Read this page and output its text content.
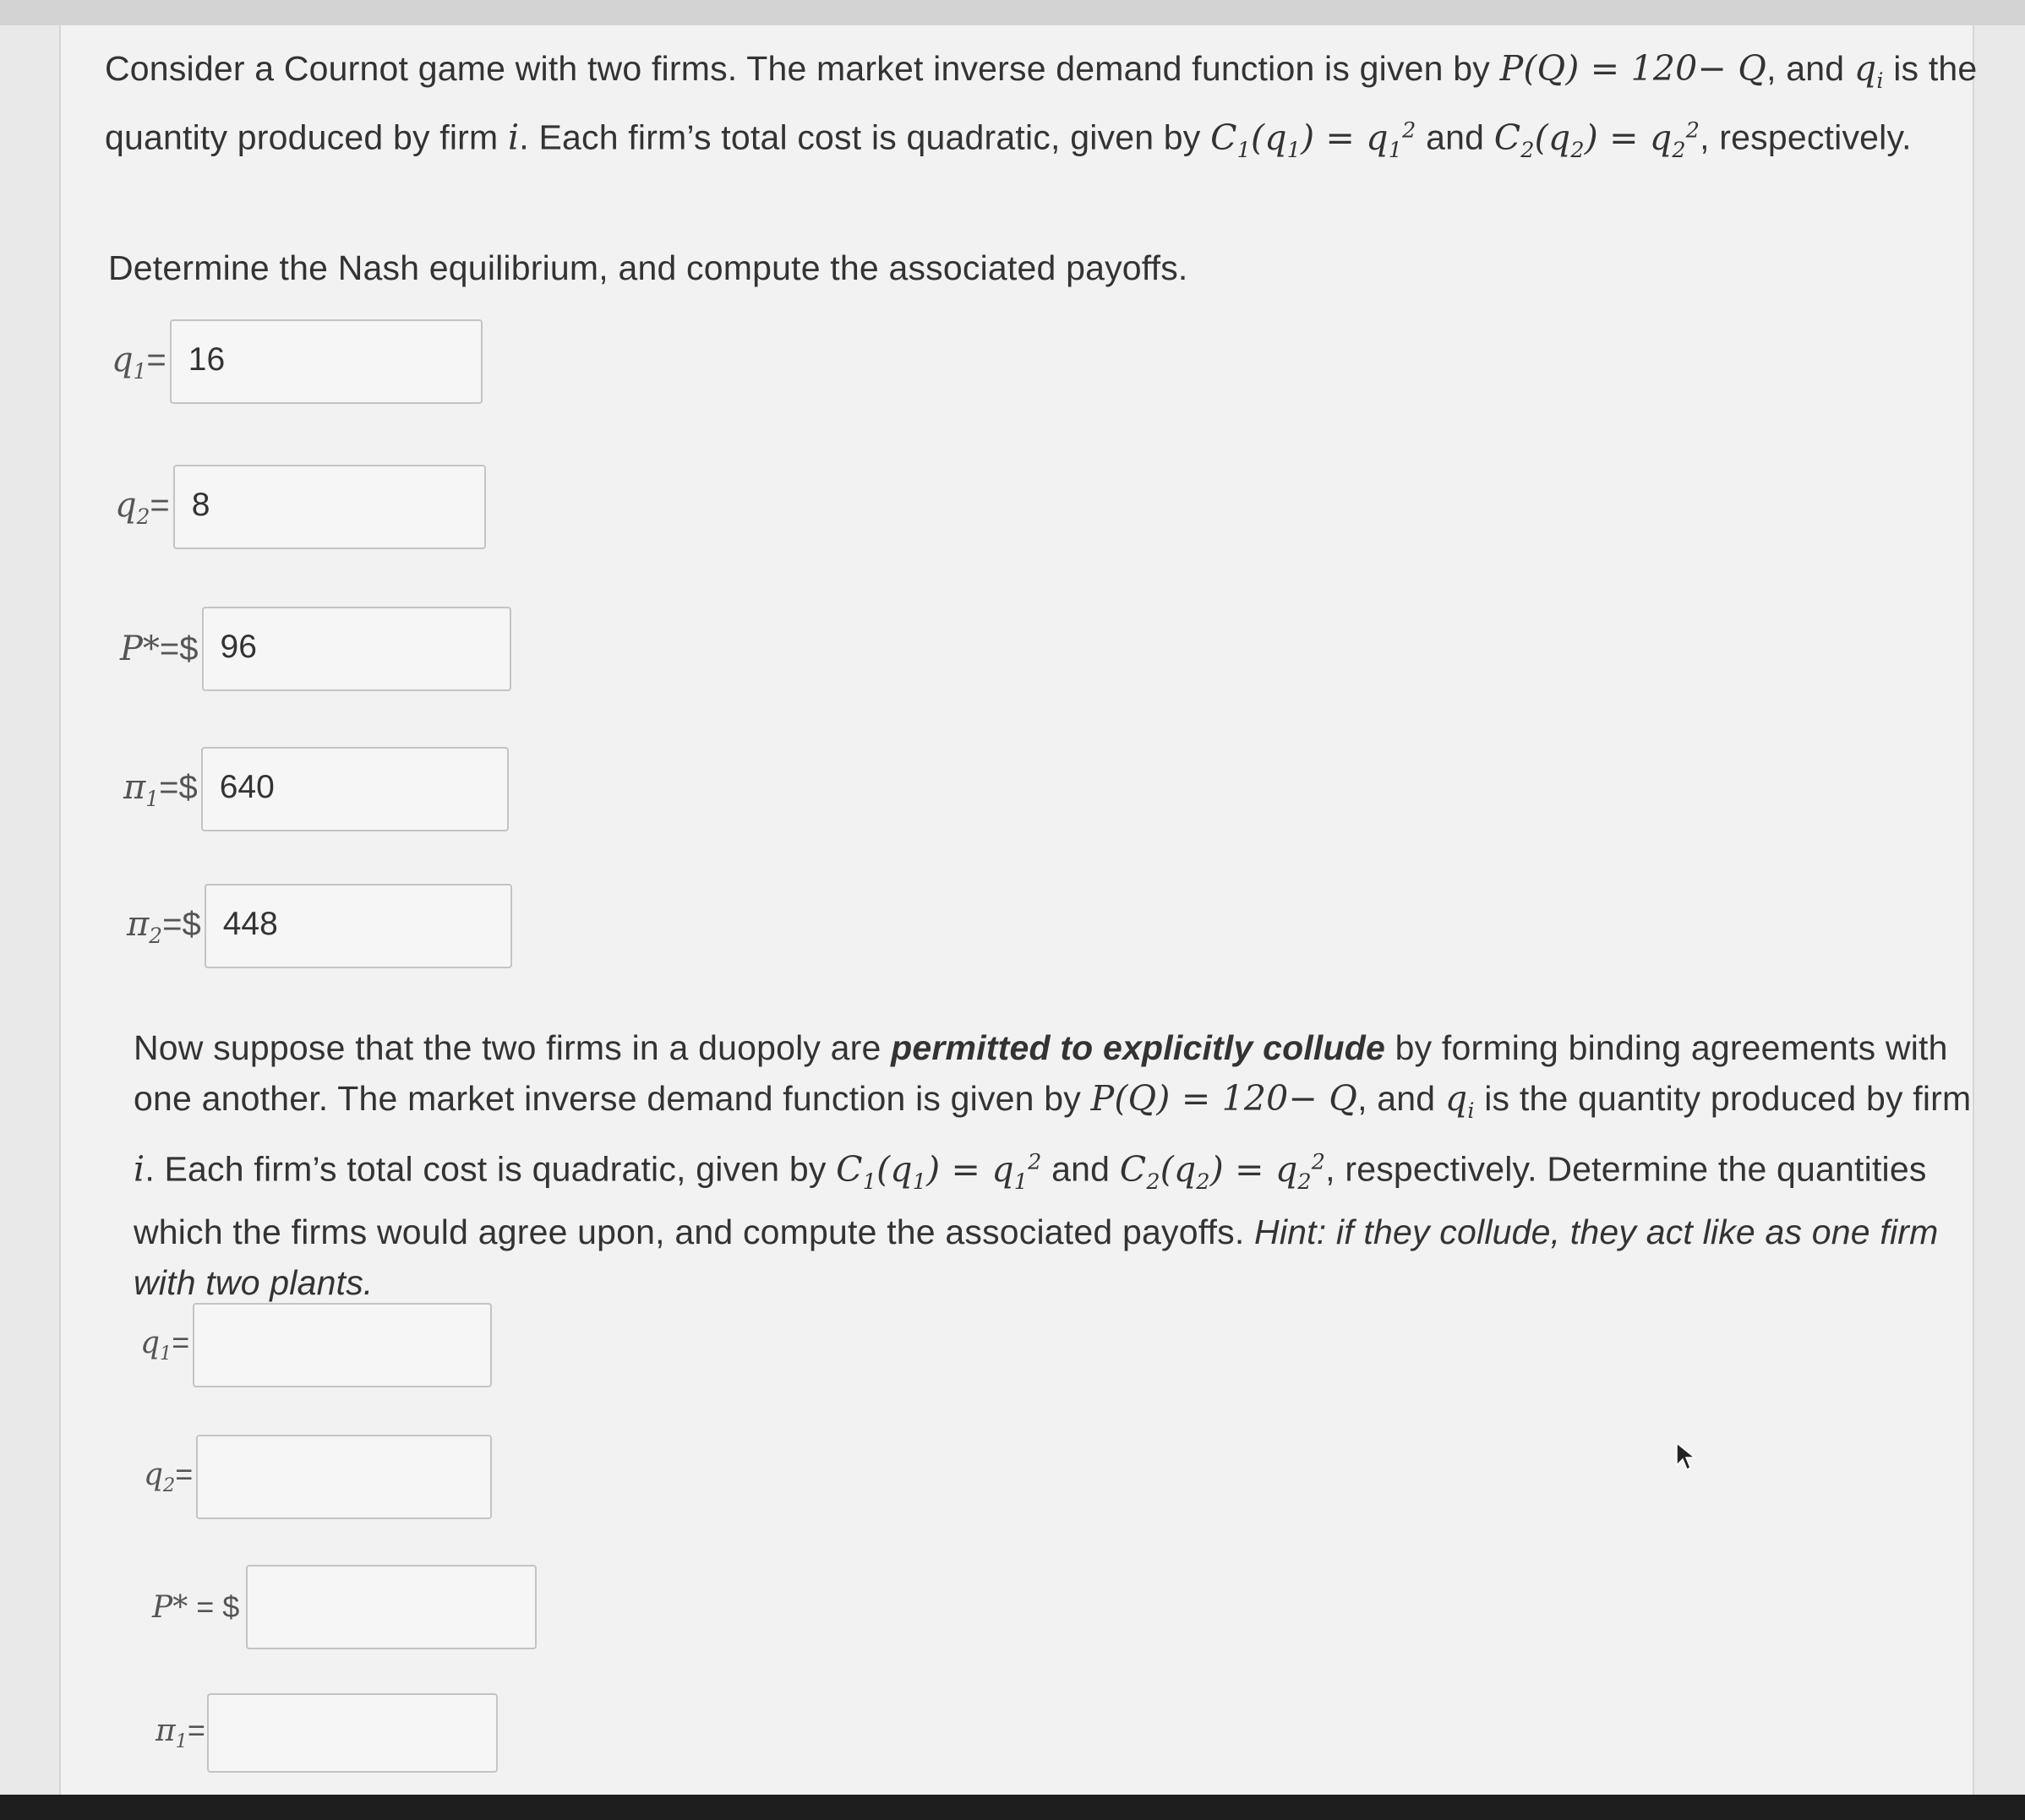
Consider a Cournot game with two firms. The market inverse demand function is given by P(Q) = 120− Q, and $q_i$ is the quantity produced by firm i. Each firm’s total cost is quadratic, given by $C_1(q_1) = q_1^2$ and $C_2(q_2) = q_2^2$, respectively.
Determine the Nash equilibrium, and compute the associated payoffs.
$q_1= 16$
$q_2= 8$
P*=$ 96
$\pi_1=\$$ 640
$\pi_2=\$$ 448
Now suppose that the two firms in a duopoly are permitted to explicitly collude by forming binding agreements with one another. The market inverse demand function is given by P(Q) = 120− Q, and $q_i$ is the quantity produced by firm i. Each firm’s total cost is quadratic, given by $C_1(q_1) = q_1^2$ and $C_2(q_2) = q_2^2$, respectively. Determine the quantities which the firms would agree upon, and compute the associated payoffs. Hint: if they collude, they act like as one firm with two plants.
$q_1=$
$q_2=$
P* = $
$\pi_1=$
